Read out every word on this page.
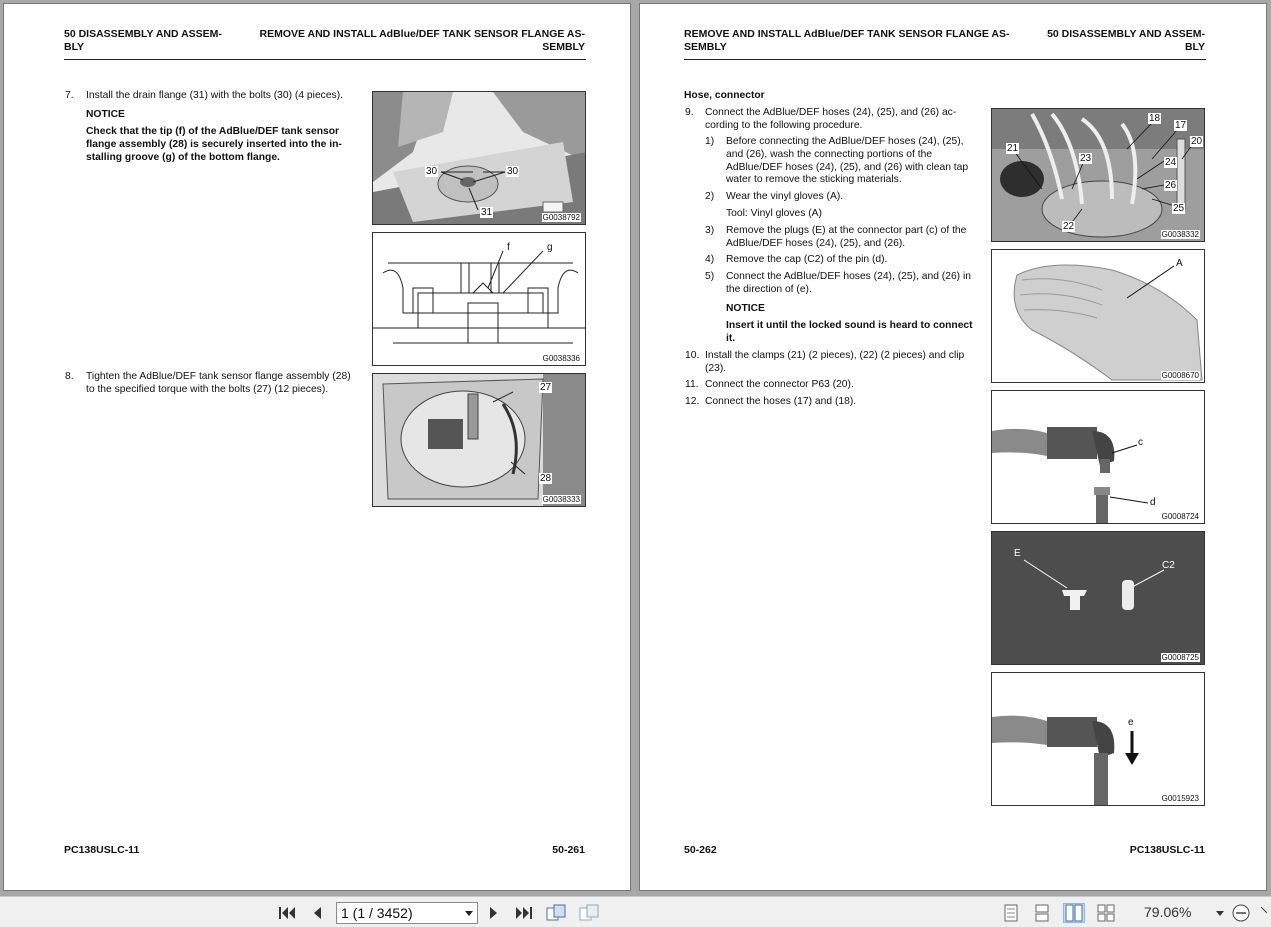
50 DISASSEMBLY AND ASSEM-
BLY
REMOVE AND INSTALL AdBlue/DEF TANK SENSOR FLANGE AS-
SEMBLY
7. Install the drain flange (31) with the bolts (30) (4 pieces).
NOTICE
Check that the tip (f) of the AdBlue/DEF tank sensor
flange assembly (28) is securely inserted into the in-
stalling groove (g) of the bottom flange.
8. Tighten the AdBlue/DEF tank sensor flange assembly (28)
to the specified torque with the bolts (27) (12 pieces).
30	30
31	G0038792
f	g
G0038336
27
28
G0038333
PC138USLC-11	50-261
REMOVE AND INSTALL AdBlue/DEF TANK SENSOR FLANGE AS-
SEMBLY
50 DISASSEMBLY AND ASSEM-
BLY
Hose, connector
9. Connect the AdBlue/DEF hoses (24), (25), and (26) ac-
cording to the following procedure.
1) Before connecting the AdBlue/DEF hoses (24), (25),
and (26), wash the connecting portions of the
AdBlue/DEF hoses (24), (25), and (26) with clean tap
water to remove the sticking materials.
2) Wear the vinyl gloves (A).
Tool: Vinyl gloves (A)
3) Remove the plugs (E) at the connector part (c) of the
AdBlue/DEF hoses (24), (25), and (26).
4) Remove the cap (C2) of the pin (d).
5) Connect the AdBlue/DEF hoses (24), (25), and (26) in
the direction of (e).
NOTICE
Insert it until the locked sound is heard to connect
it.
10. Install the clamps (21) (2 pieces), (22) (2 pieces) and clip
(23).
11. Connect the connector P63 (20).
12. Connect the hoses (17) and (18).
18
17
20
21
23	24
26
25
22
G0038332
A
G0008670
c
d
G0008724
E
C2
G0008725
e
G0015923
50-262	PC138USLC-11
1 (1 / 3452)	79.06%
